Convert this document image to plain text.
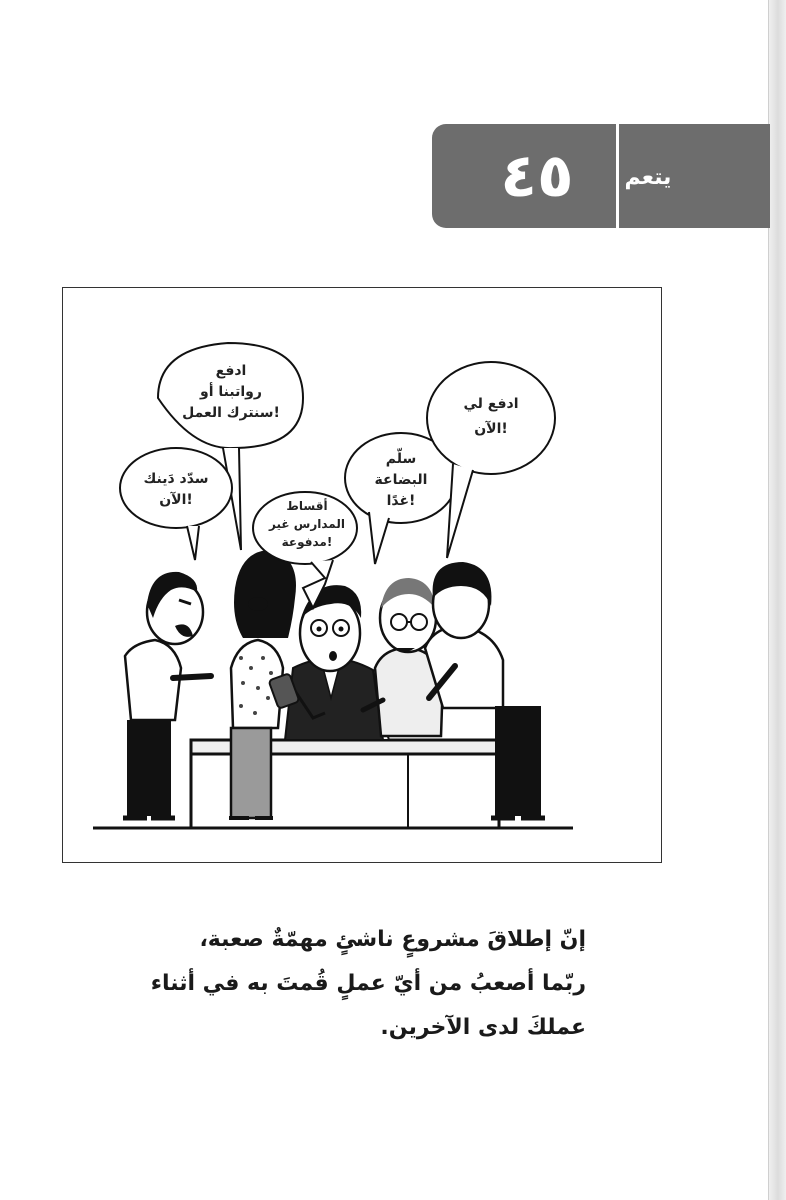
٤٥	يتعم
ادفع
رواتبنا أو
سنترك العمل!
سدّد دَينك
الآن!	أقساط
المدارس غير
مدفوعة!
سلّم
البضاعة
غدًا!
ادفع لي
الآن!
إنّ إطلاقَ مشروعٍ ناشئٍ مهمّةٌ صعبة،
ربّما أصعبُ من أيّ عملٍ قُمتَ به في أثناء
عملكَ لدى الآخرين.
